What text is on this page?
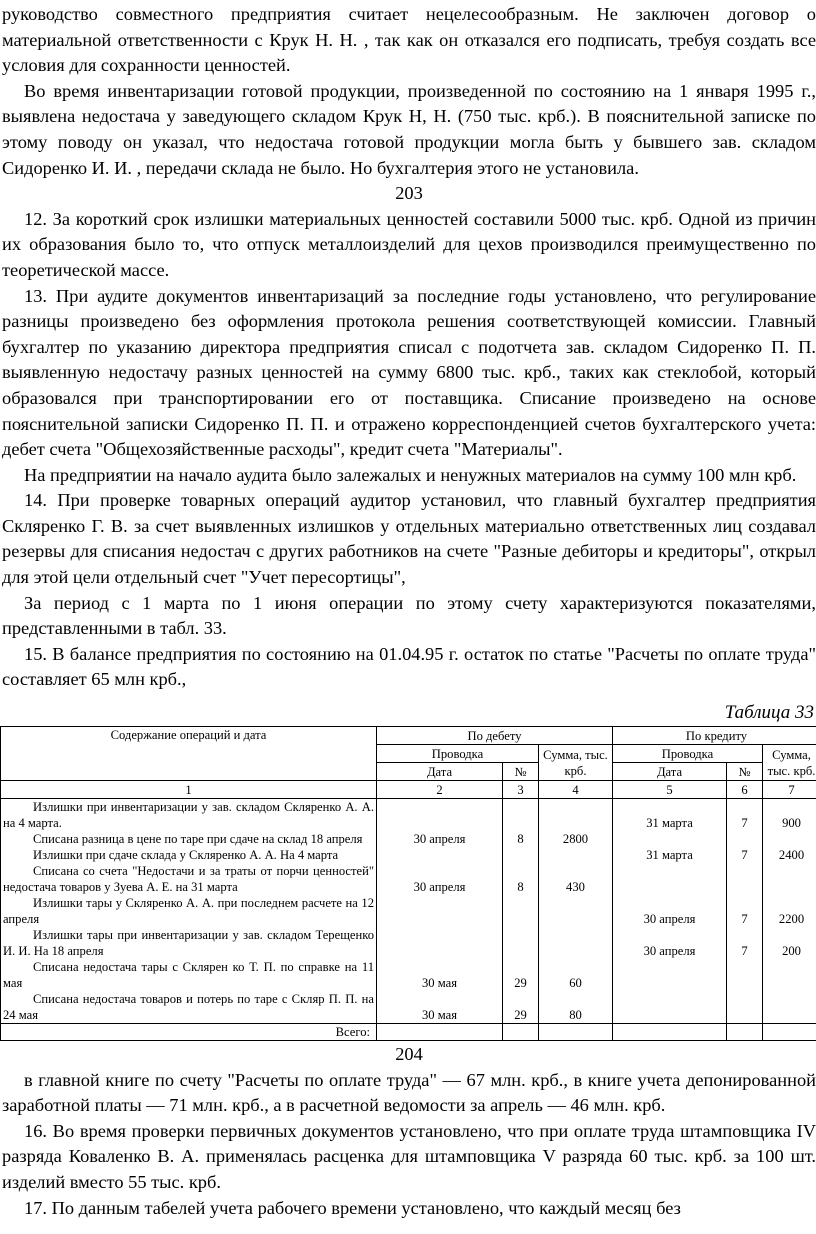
руководство совместного предприятия считает нецелесообразным. Не заключен договор о материальной ответственности с Крук Н. Н. , так как он отказался его подписать, требуя создать все условия для сохранности ценностей.

Во время инвентаризации готовой продукции, произведенной по состоянию на 1 января 1995 г., выявлена недостача у заведующего складом Крук Н, Н. (750 тыс. крб.). В пояснительной записке по этому поводу он указал, что недостача готовой продукции могла быть у бывшего зав. складом Сидоренко И. И. , передачи склада не было. Но бухгалтерия этого не установила.

203

12. За короткий срок излишки материальных ценностей составили 5000 тыс. крб. Одной из причин их образования было то, что отпуск металлоизделий для цехов производился преимущественно по теоретической массе.

13. При аудите документов инвентаризаций за последние годы установлено, что регулирование разницы произведено без оформления протокола решения соответствующей комиссии. Главный бухгалтер по указанию директора предприятия списал с подотчета зав. складом Сидоренко П. П. выявленную недостачу разных ценностей на сумму 6800 тыс. крб., таких как стеклобой, который образовался при транспортировании его от поставщика. Списание произведено на основе пояснительной записки Сидоренко П. П. и отражено корреспонденцией счетов бухгалтерского учета: дебет счета "Общехозяйственные расходы", кредит счета "Материалы".

На предприятии на начало аудита было залежалых и ненужных материалов на сумму 100 млн крб.

14. При проверке товарных операций аудитор установил, что главный бухгалтер предприятия Скляренко Г. В. за счет выявленных излишков у отдельных материально ответственных лиц создавал резервы для списания недостач с других работников на счете "Разные дебиторы и кредиторы", открыл для этой цели отдельный счет "Учет пересортицы",

За период с 1 марта по 1 июня операции по этому счету характеризуются показателями, представленными в табл. 33.

15. В балансе предприятия по состоянию на 01.04.95 г. остаток по статье "Расчеты по оплате труда" составляет 65 млн крб.,

Таблица 33
Содержание операций и дата	По дебету			По кредиту		
	Проводка		Сумма, тыс. крб.	Проводка		Сумма, тыс. крб.
	Дата	№		Дата	№	
1	2	3	4	5	6	7

Излишки при инвентаризации у зав. складом Скляренко А. А. на 4 марта.				31 марта	7	900

Списана разница в цене по таре при сдаче на склад 18 апреля	30 апреля	8	2800			

Излишки при сдаче склада у Скляренко А. А. На 4 марта				31 марта	7	2400

Списана со счета "Недостачи и за траты от порчи ценностей" недостача товаров у Зуева А. Е. на 31 марта	30 апреля	8	430			

Излишки тары у Скляренко А. А. при последнем расчете на 12 апреля				30 апреля	7	2200

Излишки тары при инвентаризации у зав. складом Терещенко И. И. На 18 апреля				30 апреля	7	200

Списана недостача тары с Склярен ко Т. П. по справке на 11 мая	30 мая	29	60			

Списана недостача товаров и потерь по таре с Скляр П. П. на 24 мая	30 мая	29	80			
Всего:						

204

в главной книге по счету "Расчеты по оплате труда" — 67 млн. крб., в книге учета депонированной заработной платы — 71 млн. крб., а в расчетной ведомости за апрель — 46 млн. крб.

16. Во время проверки первичных документов установлено, что при оплате труда штамповщика IV разряда Коваленко В. А. применялась расценка для штамповщика V разряда 60 тыс. крб. за 100 шт. изделий вместо 55 тыс. крб.

17. По данным табелей учета рабочего времени установлено, что каждый месяц без
